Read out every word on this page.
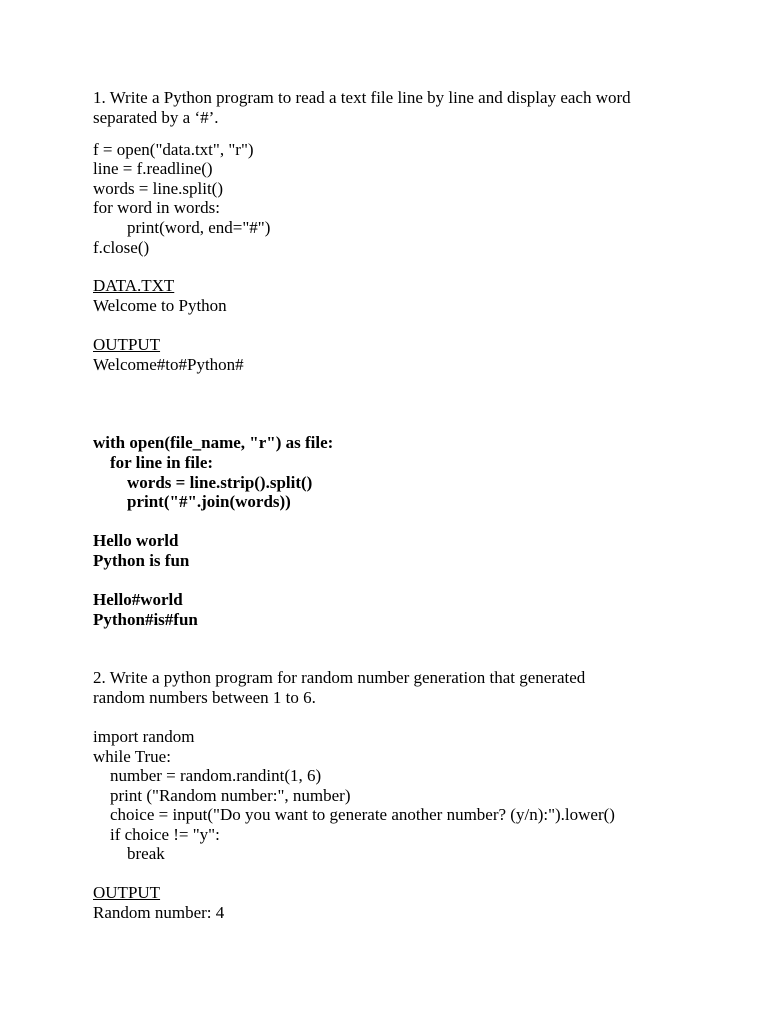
1. Write a Python program to read a text file line by line and display each word
separated by a ‘#’.
f = open("data.txt", "r")
line = f.readline()
words = line.split()
for word in words:
print(word, end="#")
f.close()
DATA.TXT
Welcome to Python
OUTPUT
Welcome#to#Python#
with open(file_name, "r") as file:
for line in file:
words = line.strip().split()
print("#".join(words))
Hello world
Python is fun
Hello#world
Python#is#fun
2. Write a python program for random number generation that generated
random numbers between 1 to 6.
import random
while True:
number = random.randint(1, 6)
print ("Random number:", number)
choice = input("Do you want to generate another number? (y/n):").lower()
if choice != "y":
break
OUTPUT
Random number: 4
